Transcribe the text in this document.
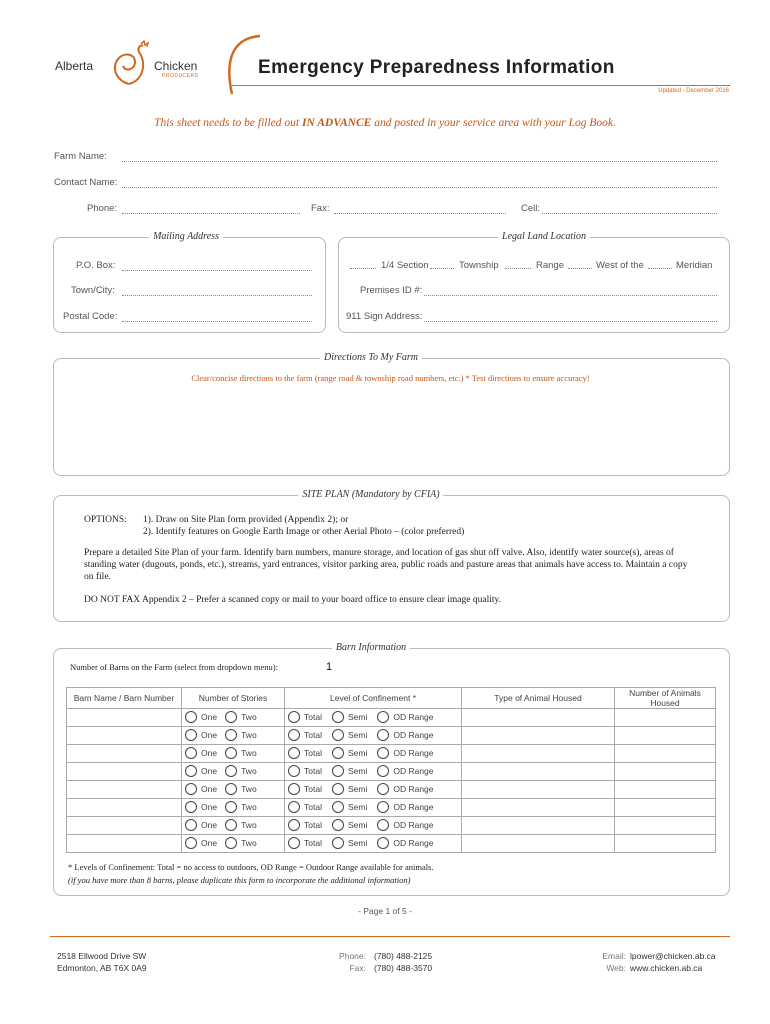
Alberta	Chicken
PRODUCERS	Emergency Preparedness Information
Updated - December 2016
This sheet needs to be filled out IN ADVANCE and posted in your service area with your Log Book.
Farm Name:
Contact Name:
Phone:	Fax:	Cell:
Mailing Address
P.O. Box:
Town/City:
Postal Code:
Legal Land Location
1/4 Section	Township	Range	West of the	Meridian
Premises ID #:
911 Sign Address:
Directions To My Farm
Clear/concise directions to the farm (range road & township road numbers, etc.) * Test directions to ensure accuracy!
SITE PLAN (Mandatory by CFIA)
OPTIONS: 1). Draw on Site Plan form provided (Appendix 2); or
2). Identify features on Google Earth Image or other Aerial Photo – (color preferred)
Prepare a detailed Site Plan of your farm. Identify barn numbers, manure storage, and location of gas shut off valve. Also, identify water source(s), areas of standing water (dugouts, ponds, etc.), streams, yard entrances, visitor parking area, public roads and pasture areas that animals have access to. Maintain a copy on file.
DO NOT FAX Appendix 2 – Prefer a scanned copy or mail to your board office to ensure clear image quality.
Barn Information
Number of Barns on the Farm (select from dropdown menu):	1
Barn Name / Barn Number	Number of Stories	Level of Confinement *	Type of Animal Housed	Number of Animals Housed

	One Two	Total Semi OD Range		

	One Two	Total Semi OD Range		

	One Two	Total Semi OD Range		

	One Two	Total Semi OD Range		

	One Two	Total Semi OD Range		

	One Two	Total Semi OD Range		

	One Two	Total Semi OD Range		

	One Two	Total Semi OD Range		

* Levels of Confinement: Total = no access to outdoors, OD Range = Outdoor Range available for animals.
(if you have more than 8 barns, please duplicate this form to incorporate the additional information)
- Page 1 of 5 -
2518 Ellwood Drive SW
Edmonton, AB T6X 0A9
Phone: (780) 488-2125
Fax: (780) 488-3570
Email: lpower@chicken.ab.ca
Web: www.chicken.ab.ca
